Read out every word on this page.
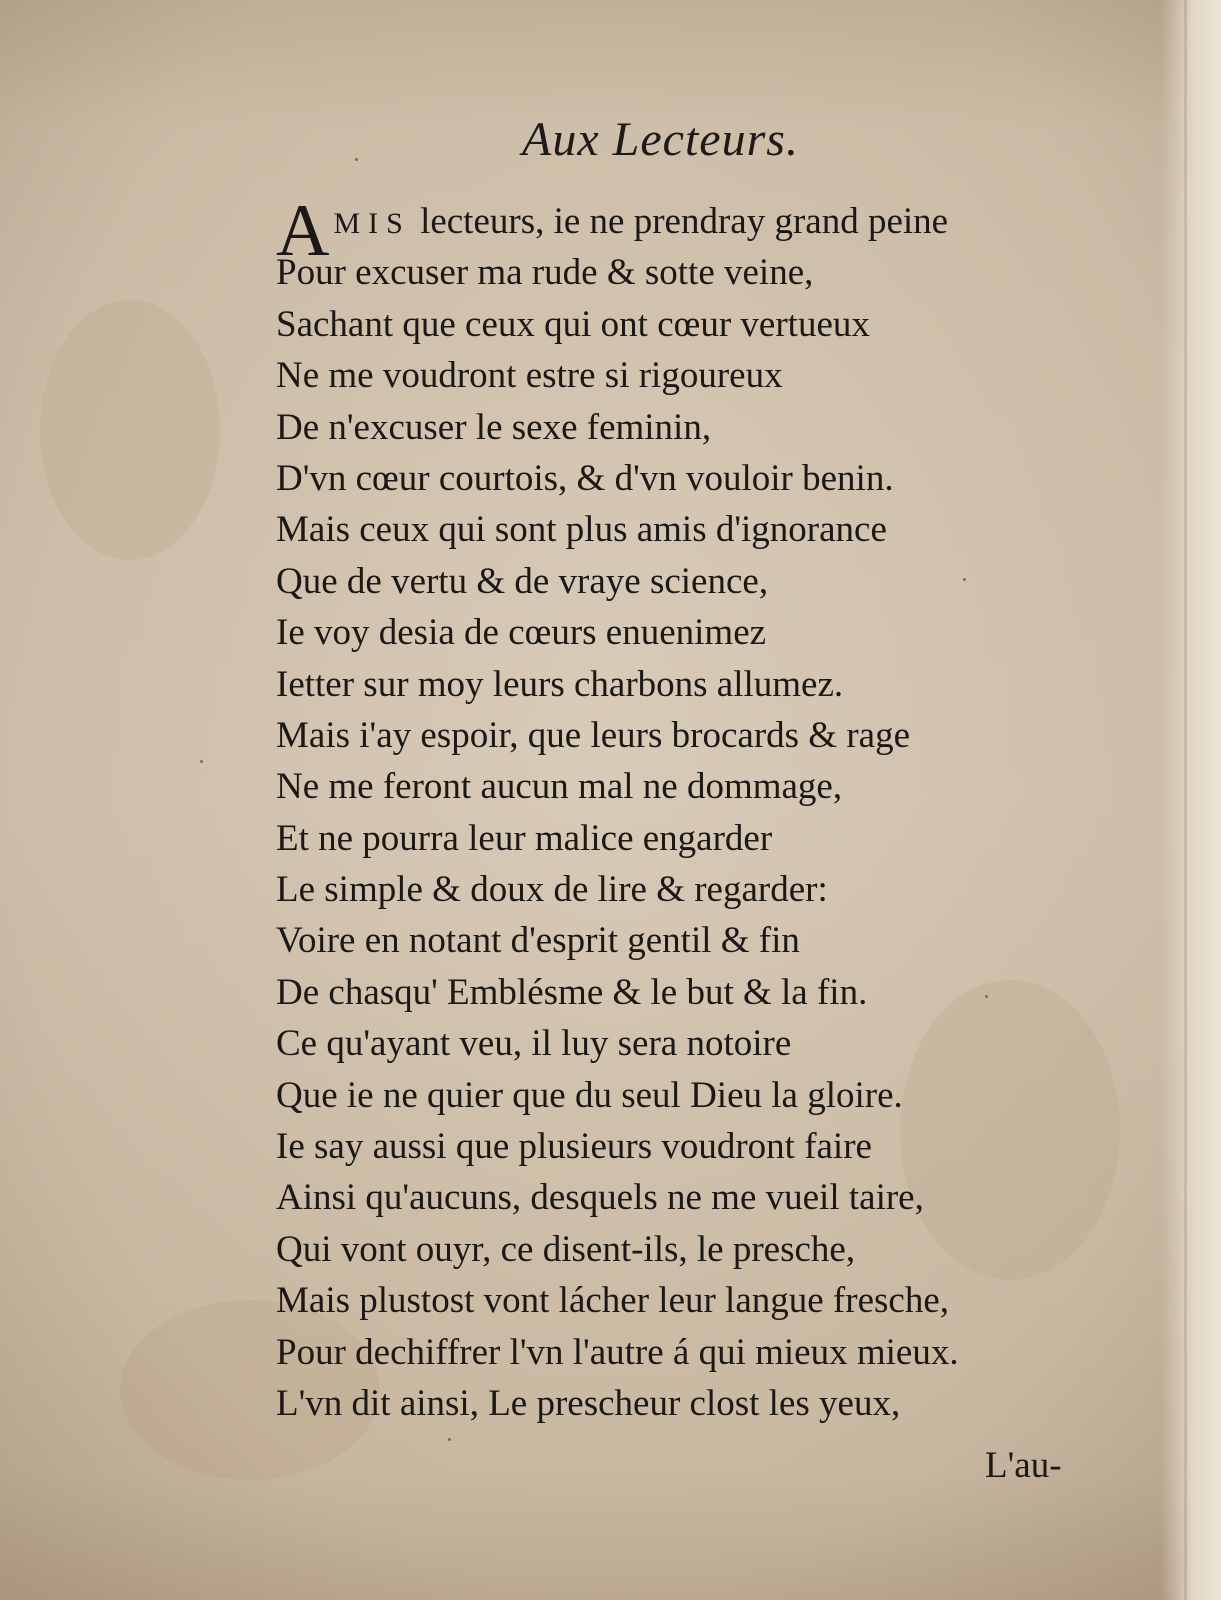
Aux Lecteurs.
AMIS lecteurs, ie ne prendray grand peine
Pour excuser ma rude & sotte veine,
Sachant que ceux qui ont cœur vertueux
Ne me voudront estre si rigoureux
De n'excuser le sexe feminin,
D'vn cœur courtois, & d'vn vouloir benin.
Mais ceux qui sont plus amis d'ignorance
Que de vertu & de vraye science,
Ie voy desia de cœurs enuenimez
Ietter sur moy leurs charbons allumez.
Mais i'ay espoir, que leurs brocards & rage
Ne me feront aucun mal ne dommage,
Et ne pourra leur malice engarder
Le simple & doux de lire & regarder:
Voire en notant d'esprit gentil & fin
De chasqu' Emblésme & le but & la fin.
Ce qu'ayant veu, il luy sera notoire
Que ie ne quier que du seul Dieu la gloire.
Ie say aussi que plusieurs voudront faire
Ainsi qu'aucuns, desquels ne me vueil taire,
Qui vont ouyr, ce disent-ils, le presche,
Mais plustost vont lácher leur langue fresche,
Pour dechiffrer l'vn l'autre á qui mieux mieux.
L'vn dit ainsi, Le prescheur clost les yeux,
L'au-
